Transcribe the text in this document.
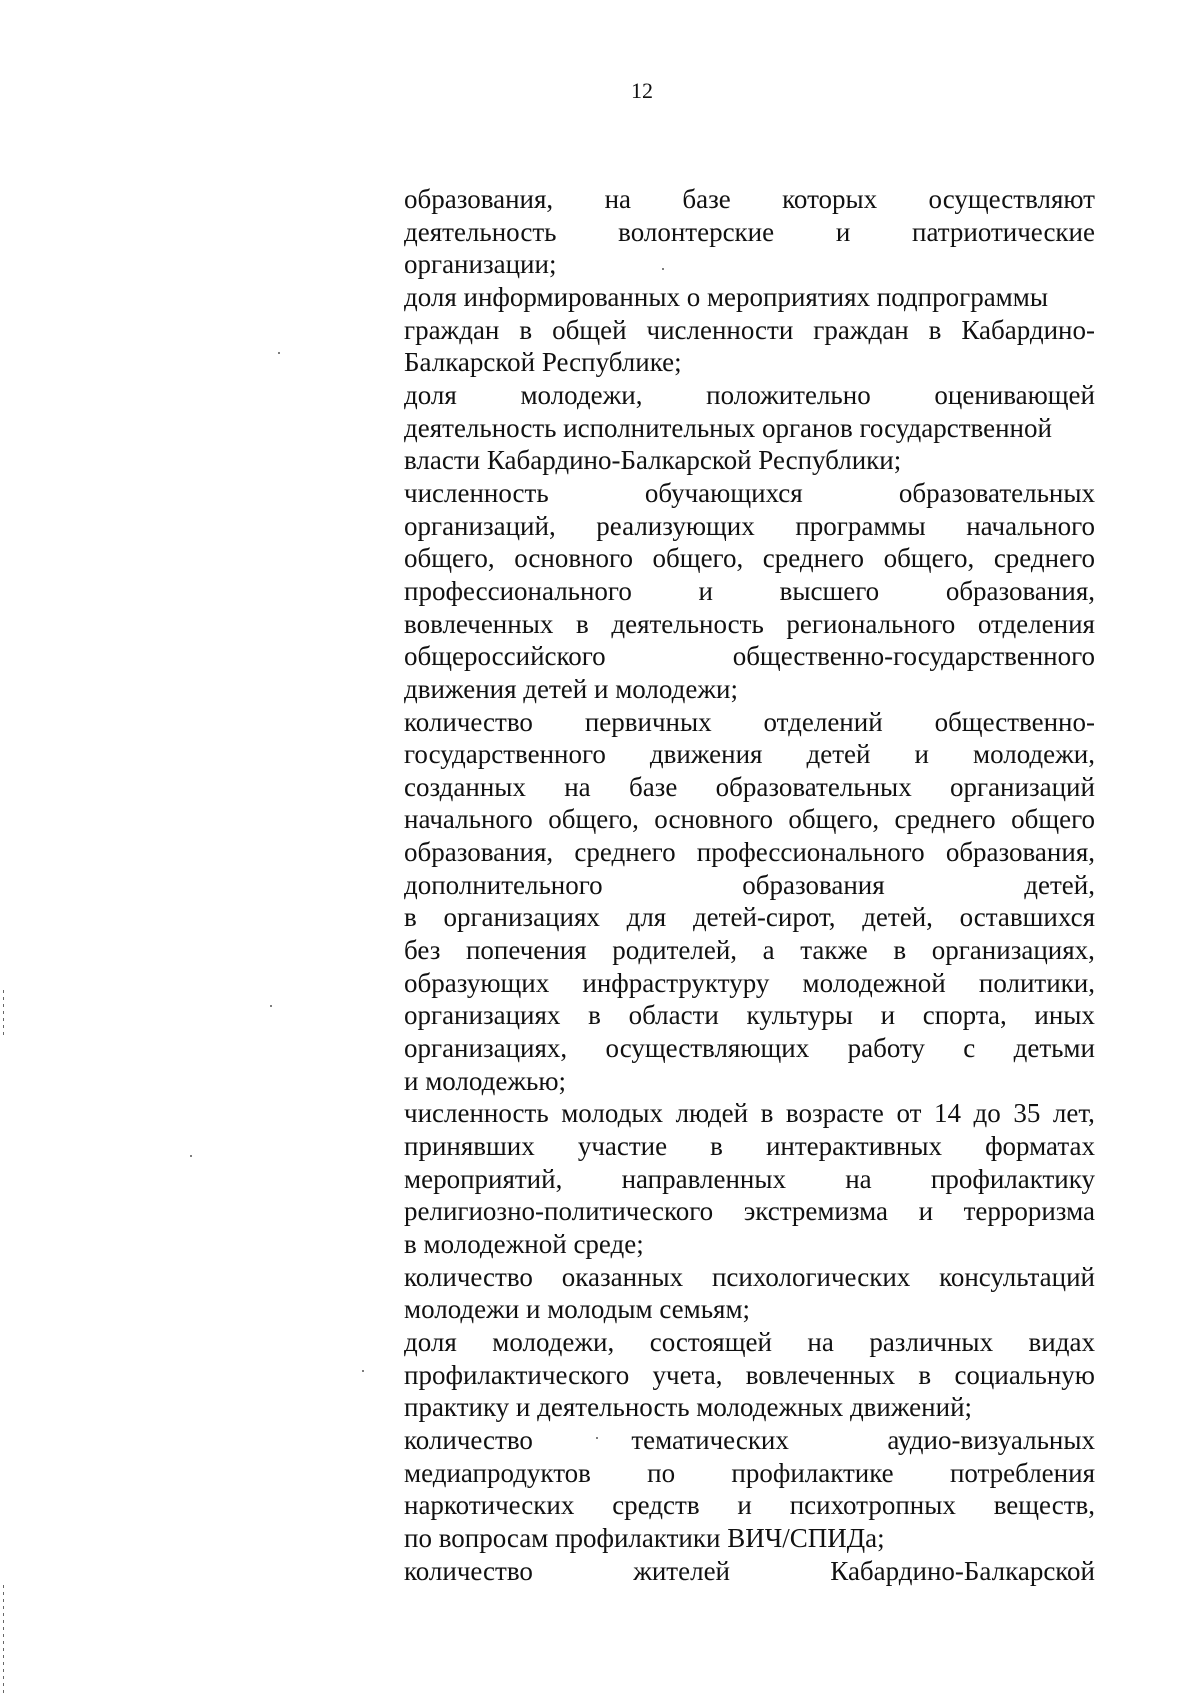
12
образования, на базе которых осуществляют
деятельность волонтерские и патриотические
организации;
доля информированных о мероприятиях подпрограммы
граждан в общей численности граждан в Кабардино-
Балкарской Республике;
доля молодежи, положительно оценивающей
деятельность исполнительных органов государственной
власти Кабардино-Балкарской Республики;
численность	обучающихся	образовательных
организаций, реализующих программы начального
общего, основного общего, среднего общего, среднего
профессионального и высшего образования,
вовлеченных в деятельность регионального отделения
общероссийского	общественно-государственного
движения детей и молодежи;
количество первичных отделений общественно-
государственного движения детей и молодежи,
созданных на базе образовательных организаций
начального общего, основного общего, среднего общего
образования, среднего профессионального образования,
дополнительного	образования	детей,
в организациях для детей-сирот, детей, оставшихся
без попечения родителей, а также в организациях,
образующих инфраструктуру молодежной политики,
организациях в области культуры и спорта, иных
организациях, осуществляющих работу с детьми
и молодежью;
численность молодых людей в возрасте от 14 до 35 лет,
принявших участие в интерактивных форматах
мероприятий, направленных на профилактику
религиозно-политического экстремизма и терроризма
в молодежной среде;
количество оказанных психологических консультаций
молодежи и молодым семьям;
доля молодежи, состоящей на различных видах
профилактического учета, вовлеченных в социальную
практику и деятельность молодежных движений;
количество	тематических	аудио-визуальных
медиапродуктов по профилактике потребления
наркотических средств и психотропных веществ,
по вопросам профилактики ВИЧ/СПИДа;
количество	жителей	Кабардино-Балкарской
